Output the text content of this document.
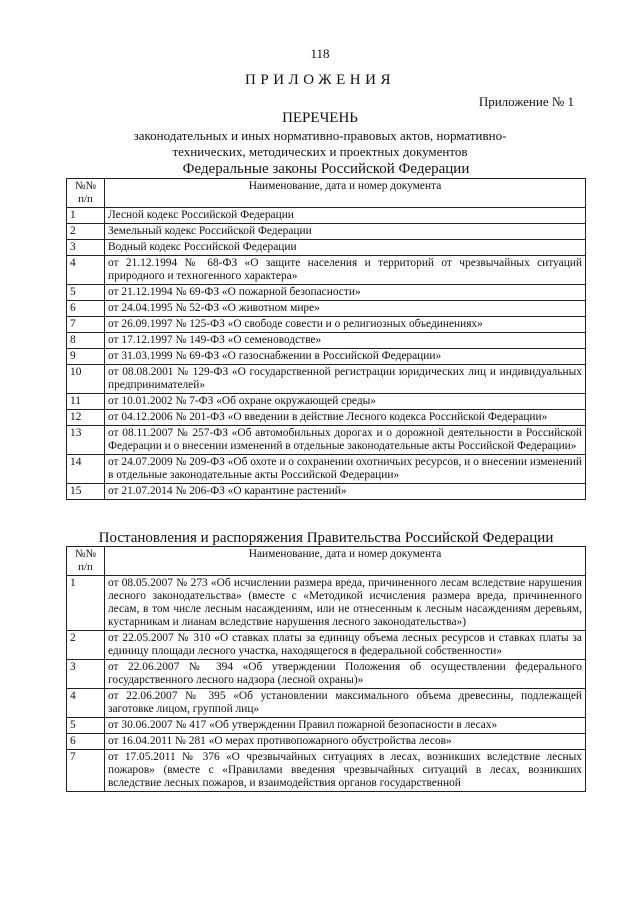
118
ПРИЛОЖЕНИЯ
Приложение № 1
ПЕРЕЧЕНЬ
законодательных и иных нормативно-правовых актов, нормативно-технических, методических и проектных документов
Федеральные законы Российской Федерации
№№
п/п	Наименование, дата и номер документа
1	Лесной кодекс Российской Федерации
2	Земельный кодекс Российской Федерации
3	Водный кодекс Российской Федерации
4	от 21.12.1994 № 68-ФЗ «О защите населения и территорий от чрезвычайных ситуаций природного и техногенного характера»
5	от 21.12.1994 № 69-ФЗ «О пожарной безопасности»
6	от 24.04.1995 № 52-ФЗ «О животном мире»
7	от 26.09.1997 № 125-ФЗ «О свободе совести и о религиозных объединениях»
8	от 17.12.1997 № 149-ФЗ «О семеноводстве»
9	от 31.03.1999 № 69-ФЗ «О газоснабжении в Российской Федерации»
10	от 08.08.2001 № 129-ФЗ «О государственной регистрации юридических лиц и индивидуальных предпринимателей»
11	от 10.01.2002 № 7-ФЗ «Об охране окружающей среды»
12	от 04.12.2006 № 201-ФЗ «О введении в действие Лесного кодекса Российской Федерации»
13	от 08.11.2007 № 257-ФЗ «Об автомобильных дорогах и о дорожной деятельности в Российской Федерации и о внесении изменений в отдельные законодательные акты Российской Федерации»
14	от 24.07.2009 № 209-ФЗ «Об охоте и о сохранении охотничьих ресурсов, и о внесении изменений в отдельные законодательные акты Российской Федерации»
15	от 21.07.2014 № 206-ФЗ «О карантине растений»
Постановления и распоряжения Правительства Российской Федерации
№№
п/п	Наименование, дата и номер документа
1	от 08.05.2007 № 273 «Об исчислении размера вреда, причиненного лесам вследствие нарушения лесного законодательства» (вместе с «Методикой исчисления размера вреда, причиненного лесам, в том числе лесным насаждениям, или не отнесенным к лесным насаждениям деревьям, кустарникам и лианам вследствие нарушения лесного законодательства»)
2	от 22.05.2007 № 310 «О ставках платы за единицу объема лесных ресурсов и ставках платы за единицу площади лесного участка, находящегося в федеральной собственности»
3	от 22.06.2007 № 394 «Об утверждении Положения об осуществлении федерального государственного лесного надзора (лесной охраны)»
4	от 22.06.2007 № 395 «Об установлении максимального объема древесины, подлежащей заготовке лицом, группой лиц»
5	от 30.06.2007 № 417 «Об утверждении Правил пожарной безопасности в лесах»
6	от 16.04.2011 № 281 «О мерах противопожарного обустройства лесов»
7	от 17.05.2011 № 376 «О чрезвычайных ситуациях в лесах, возникших вследствие лесных пожаров» (вместе с «Правилами введения чрезвычайных ситуаций в лесах, возникших вследствие лесных пожаров, и взаимодействия органов государственной
